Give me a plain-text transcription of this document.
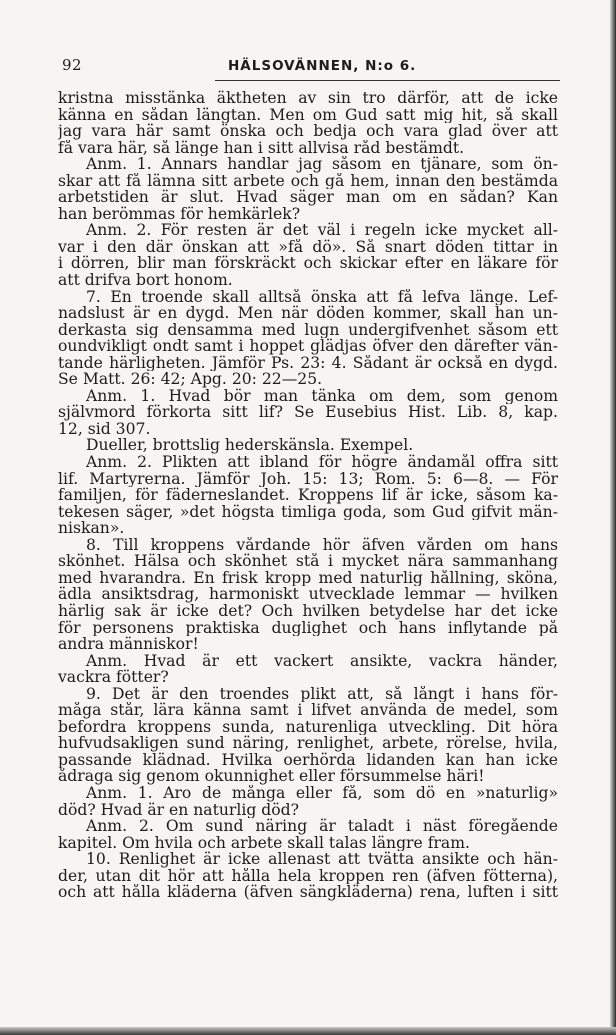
92	HÄLSOVÄNNEN, N:o 6.
kristna misstänka äktheten av sin tro därför, att de icke
känna en sådan längtan. Men om Gud satt mig hit, så skall
jag vara här samt önska och bedja och vara glad över att
få vara här, så länge han i sitt allvisa råd bestämdt.
Anm. 1. Annars handlar jag såsom en tjänare, som ön-
skar att få lämna sitt arbete och gå hem, innan den bestämda
arbetstiden är slut. Hvad säger man om en sådan? Kan
han berömmas för hemkärlek?
Anm. 2. För resten är det väl i regeln icke mycket all-
var i den där önskan att »få dö». Så snart döden tittar in
i dörren, blir man förskräckt och skickar efter en läkare för
att drifva bort honom.
7. En troende skall alltså önska att få lefva länge. Lef-
nadslust är en dygd. Men när döden kommer, skall han un-
derkasta sig densamma med lugn undergifvenhet såsom ett
oundvikligt ondt samt i hoppet glädjas öfver den därefter vän-
tande härligheten. Jämför Ps. 23: 4. Sådant är också en dygd.
Se Matt. 26: 42; Apg. 20: 22—25.
Anm. 1. Hvad bör man tänka om dem, som genom
självmord förkorta sitt lif? Se Eusebius Hist. Lib. 8, kap.
12, sid 307.
Dueller, brottslig hederskänsla. Exempel.
Anm. 2. Plikten att ibland för högre ändamål offra sitt
lif. Martyrerna. Jämför Joh. 15: 13; Rom. 5: 6—8. — För
familjen, för fäderneslandet. Kroppens lif är icke, såsom ka-
tekesen säger, »det högsta timliga goda, som Gud gifvit män-
niskan».
8. Till kroppens vårdande hör äfven vården om hans
skönhet. Hälsa och skönhet stå i mycket nära sammanhang
med hvarandra. En frisk kropp med naturlig hållning, sköna,
ädla ansiktsdrag, harmoniskt utvecklade lemmar — hvilken
härlig sak är icke det? Och hvilken betydelse har det icke
för personens praktiska duglighet och hans inflytande på
andra människor!
Anm. Hvad är ett vackert ansikte, vackra händer,
vackra fötter?
9. Det är den troendes plikt att, så långt i hans för-
måga står, lära känna samt i lifvet använda de medel, som
befordra kroppens sunda, naturenliga utveckling. Dit höra
hufvudsakligen sund näring, renlighet, arbete, rörelse, hvila,
passande klädnad. Hvilka oerhörda lidanden kan han icke
ådraga sig genom okunnighet eller försummelse häri!
Anm. 1. Äro de många eller få, som dö en »naturlig»
död? Hvad är en naturlig död?
Anm. 2. Om sund näring är taladt i näst föregående
kapitel. Om hvila och arbete skall talas längre fram.
10. Renlighet är icke allenast att tvätta ansikte och hän-
der, utan dit hör att hålla hela kroppen ren (äfven fötterna),
och att hålla kläderna (äfven sängkläderna) rena, luften i sitt
